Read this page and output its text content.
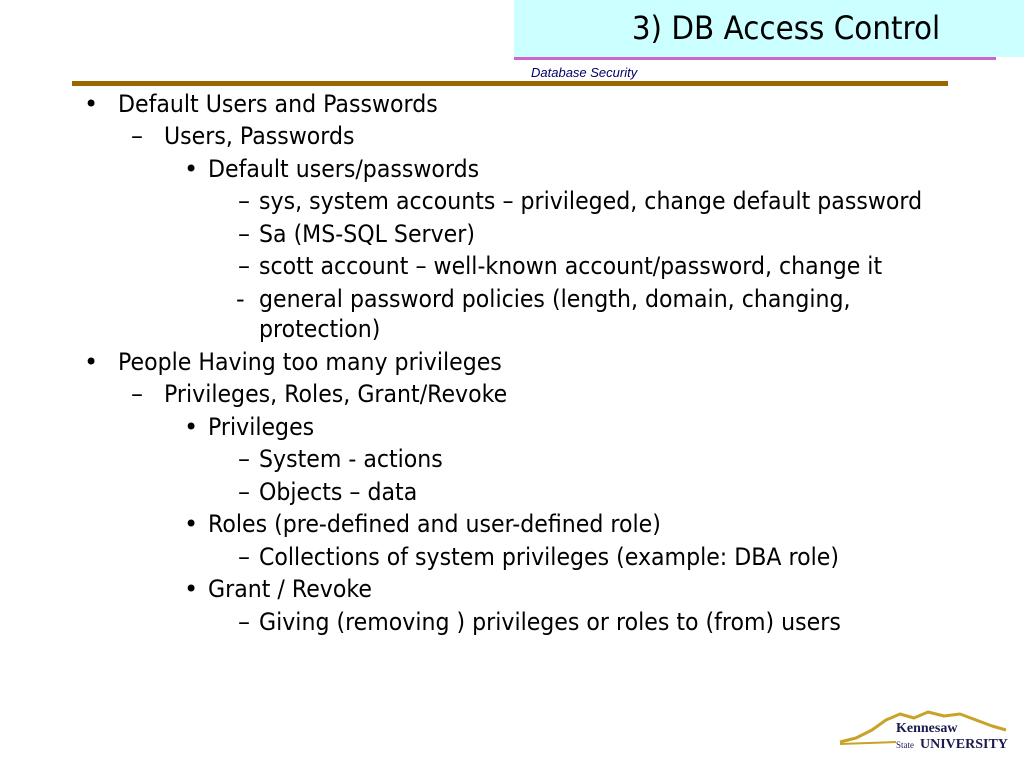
3) DB Access Control
Database Security
• Default Users and Passwords
– Users, Passwords
• Default users/passwords
– sys, system accounts – privileged, change default password
– Sa (MS-SQL Server)
– scott account – well-known account/password, change it
- general password policies (length, domain, changing,
protection)
• People Having too many privileges
– Privileges, Roles, Grant/Revoke
• Privileges
– System - actions
– Objects – data
• Roles (pre-defined and user-defined role)
– Collections of system privileges (example: DBA role)
• Grant / Revoke
– Giving (removing ) privileges or roles to (from) users
Kennesaw
State UNIVERSITY
